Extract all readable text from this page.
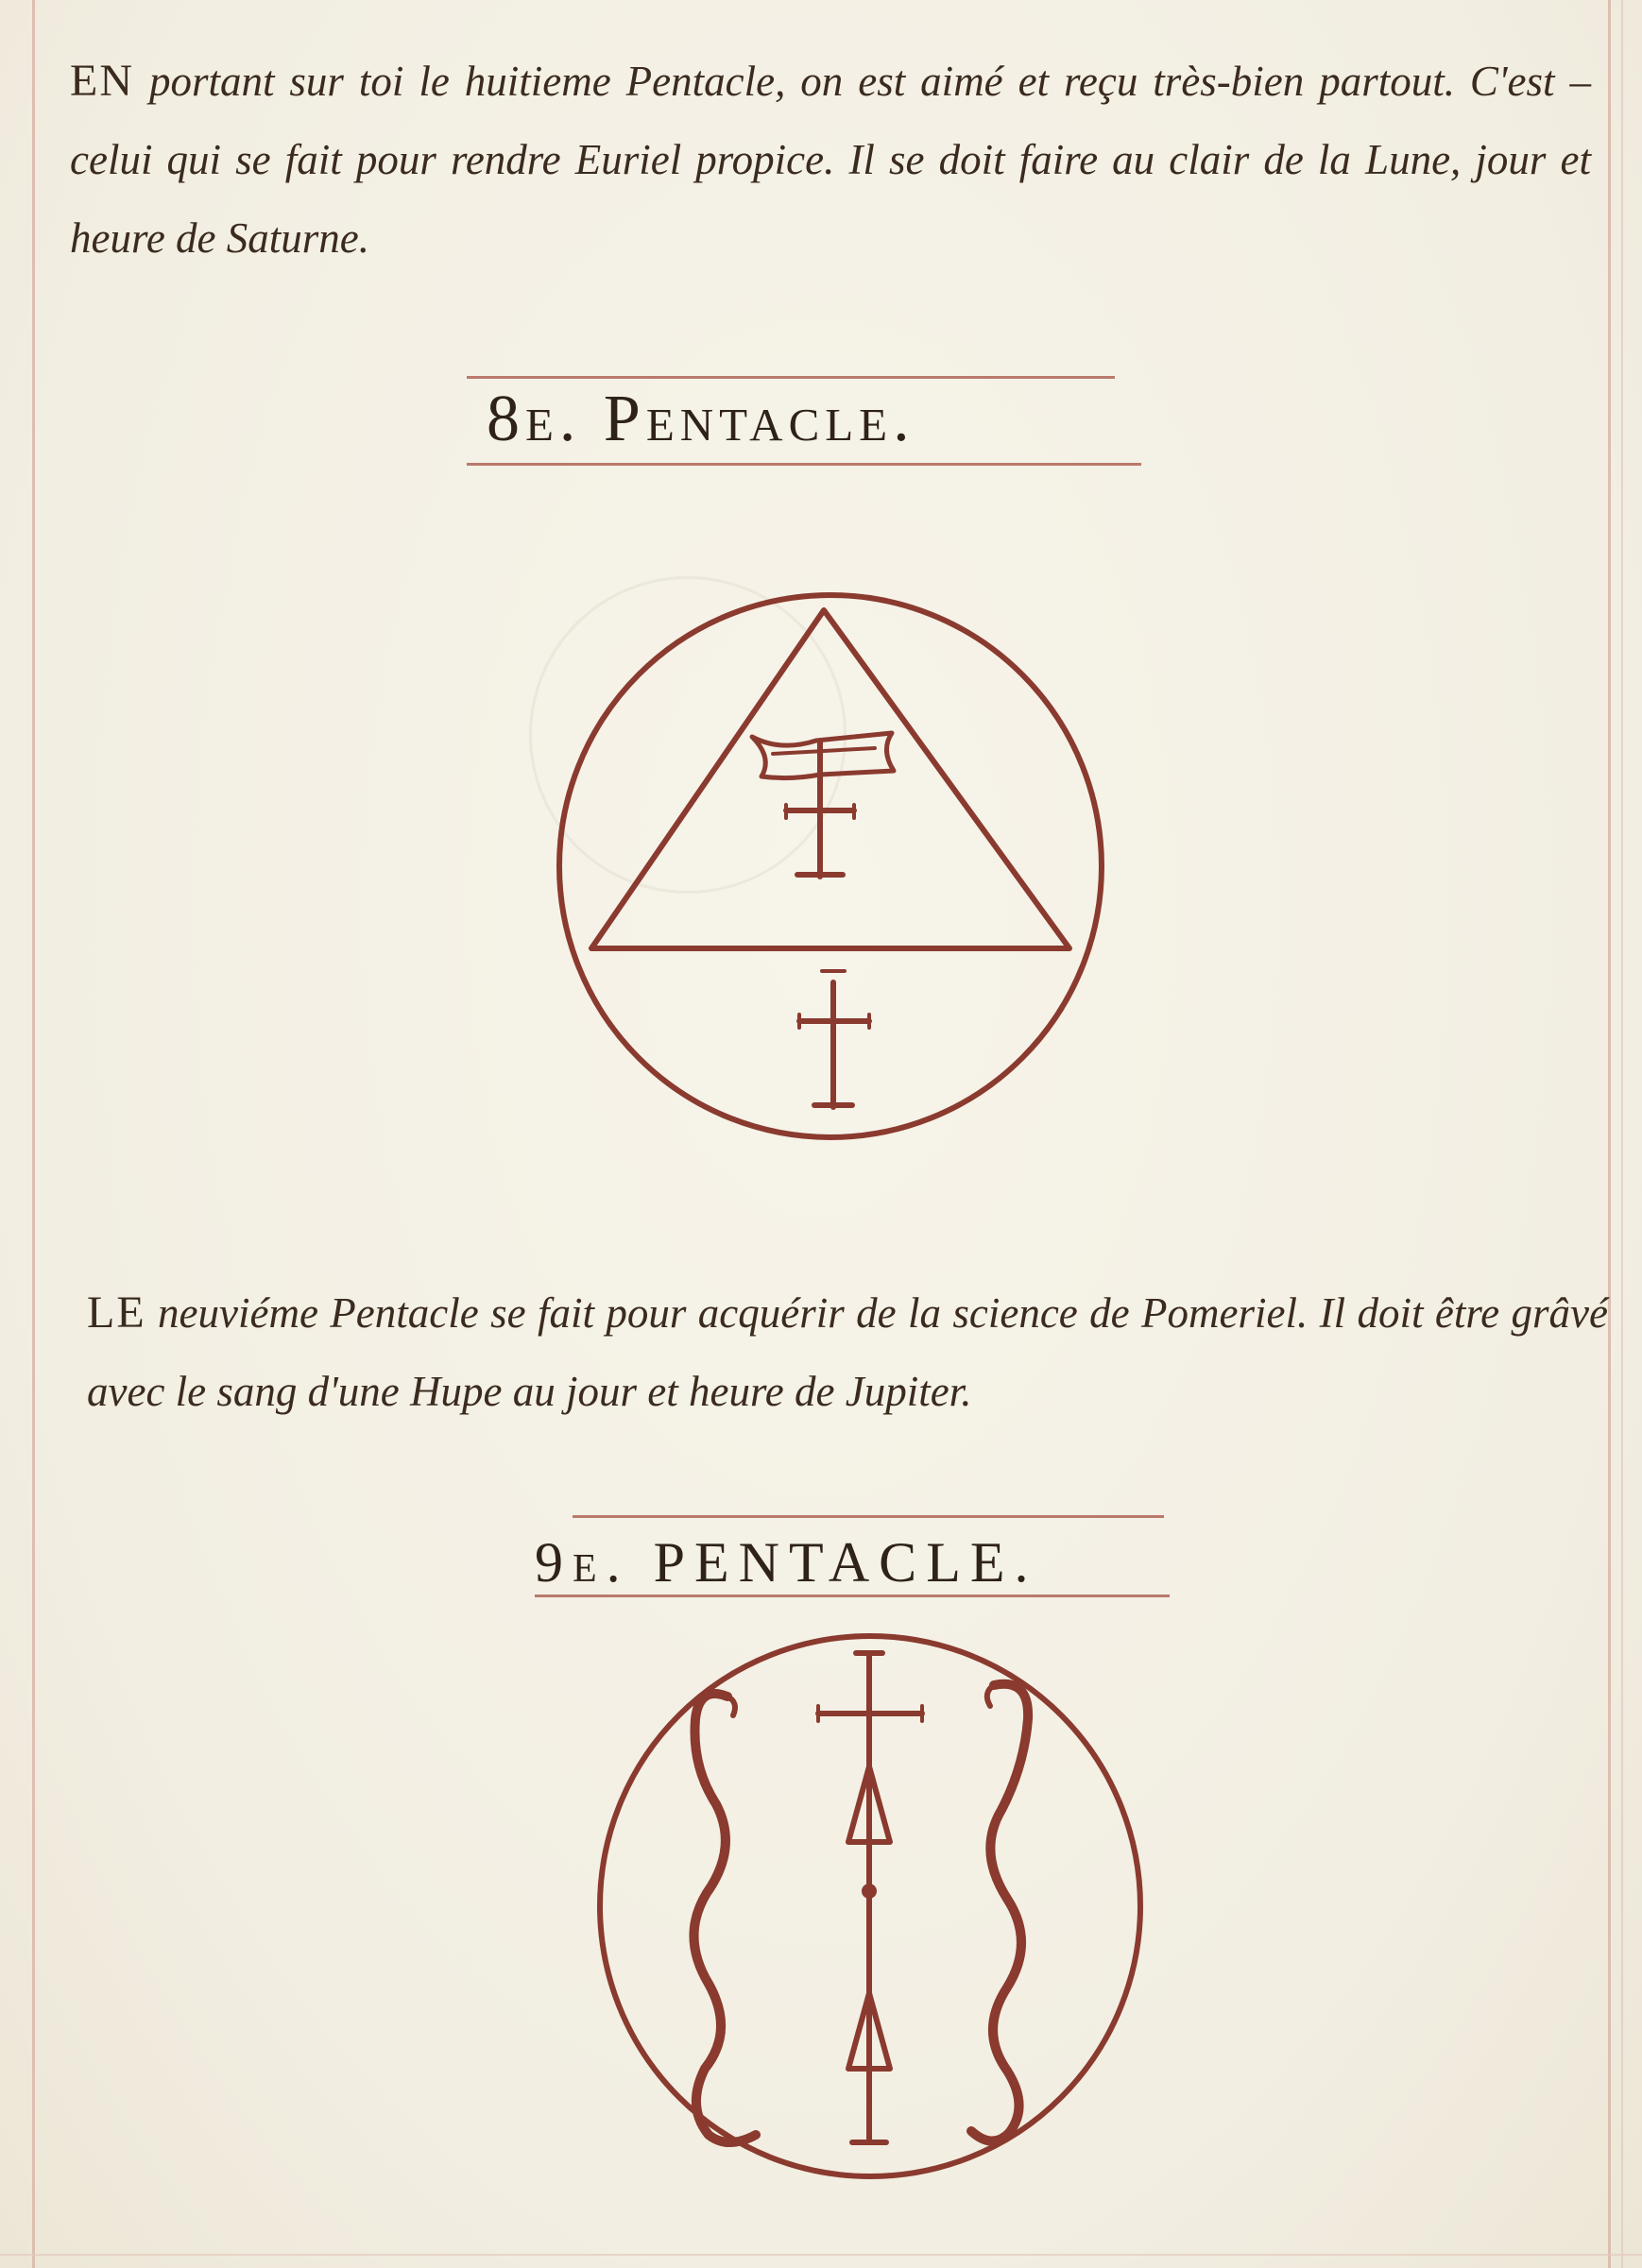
EN portant sur toi le huitieme Pentacle, on est aimé et reçu très-bien partout. C'est – celui qui se fait pour rendre Euriel propice. Il se doit faire au clair de la Lune, jour et heure de Saturne.

8e. Pentacle.

LE neuviéme Pentacle se fait pour acquérir de la science de Pomeriel. Il doit être grâvé avec le sang d'une Hupe au jour et heure de Jupiter.

9e. PENTACLE.
